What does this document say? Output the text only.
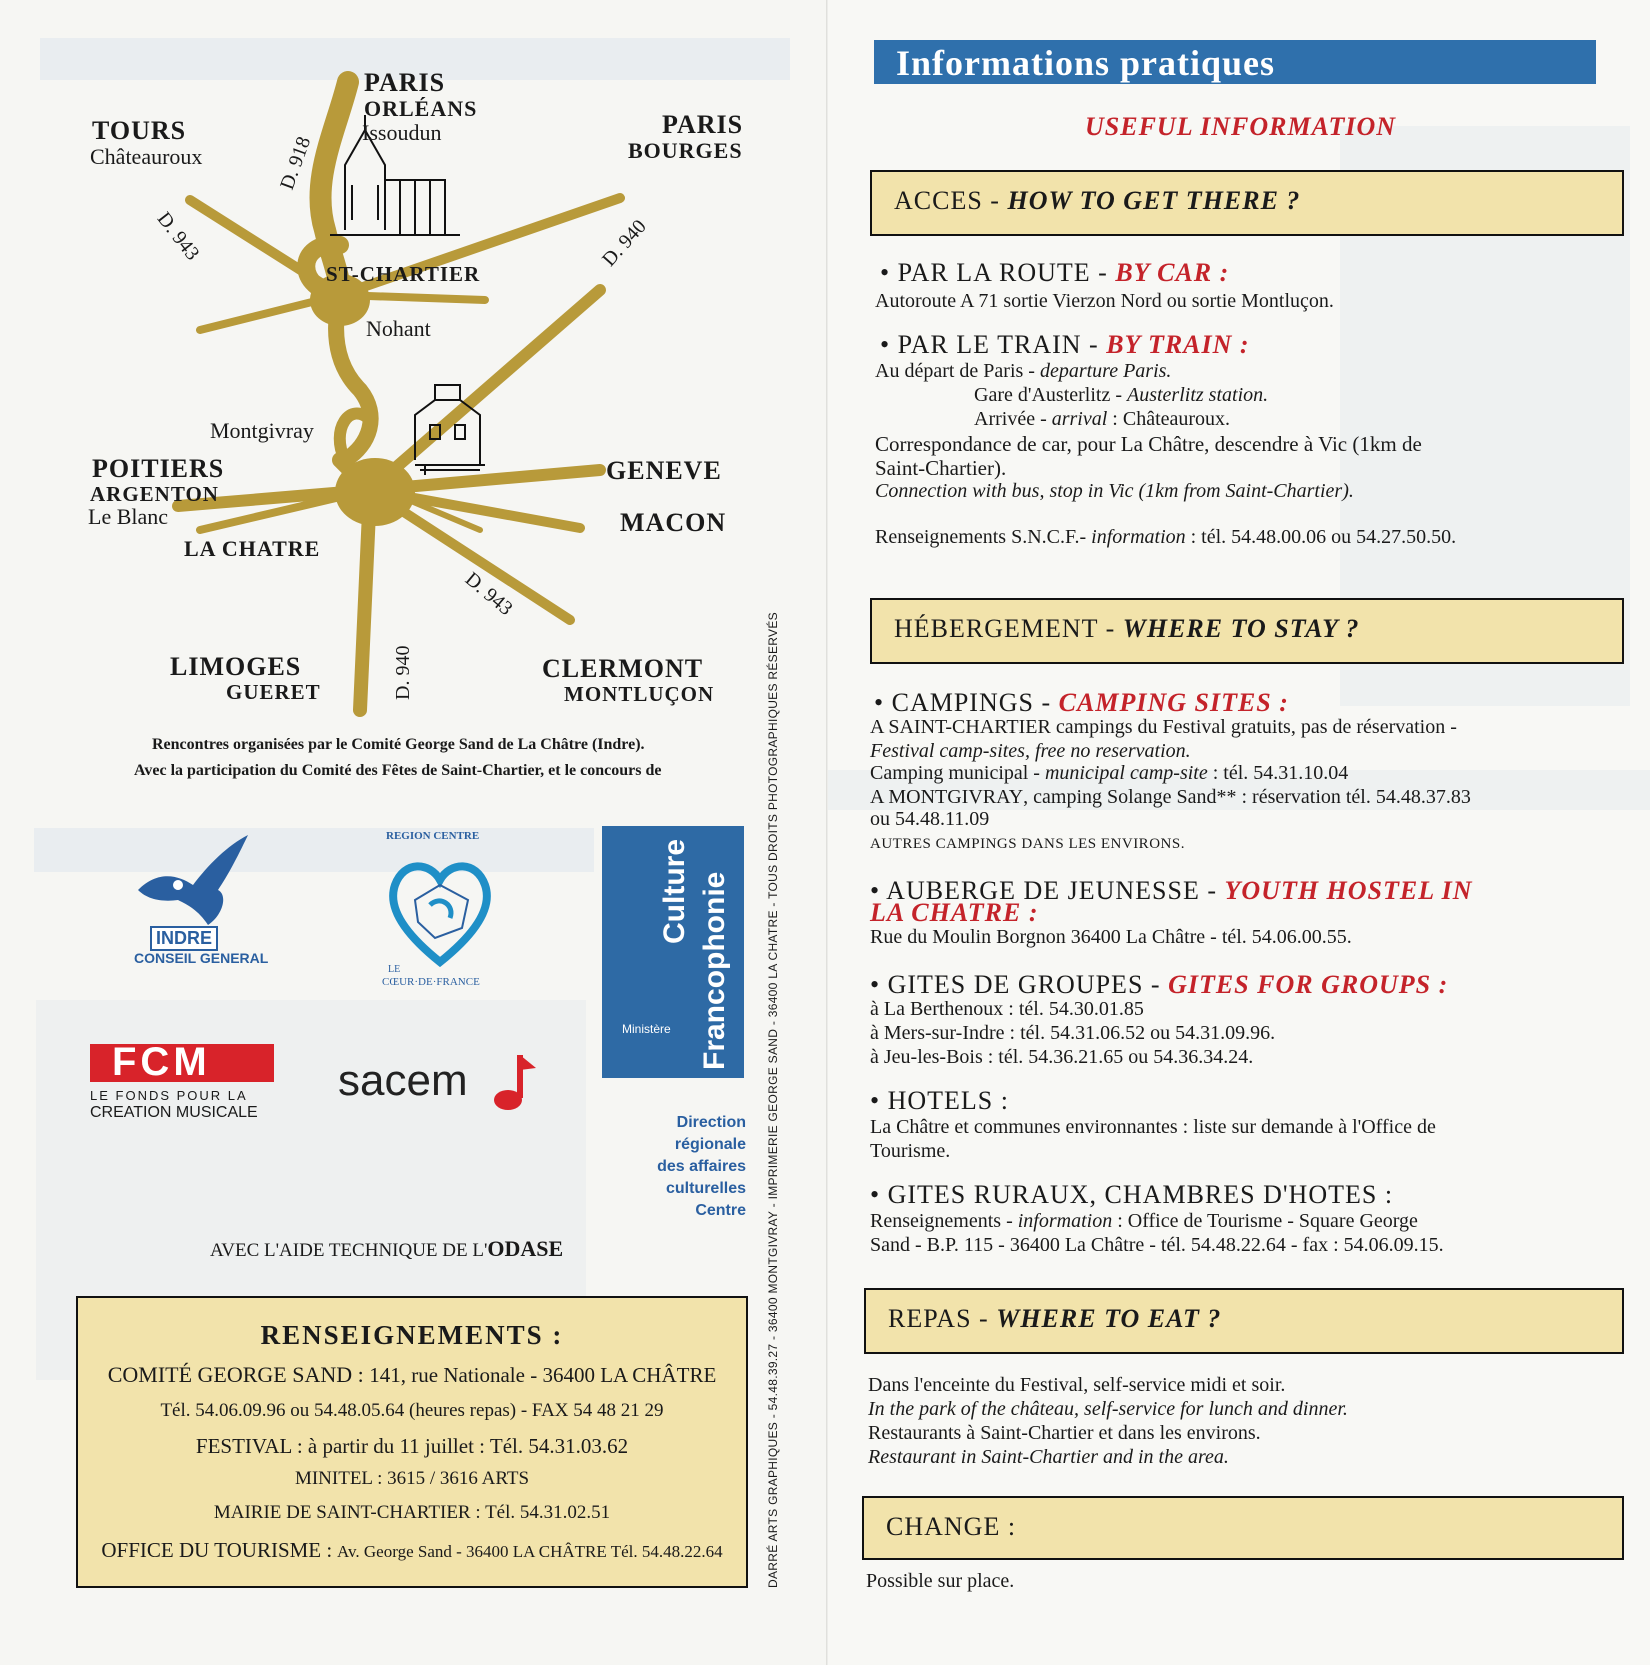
PARIS
ORLÉANS
Issoudun
TOURS
Châteauroux
PARIS
BOURGES
ST-CHARTIER
Nohant
Montgivray
POITIERS
ARGENTON
Le Blanc
GENEVE
MACON
LA CHATRE
LIMOGES
GUERET
CLERMONT
MONTLUÇON
D. 918
D. 943	D. 940
D. 943
D. 940
Rencontres organisées par le Comité George Sand de La Châtre (Indre).
Avec la participation du Comité des Fêtes de Saint-Chartier, et le concours de
INDRE
CONSEIL GENERAL
REGION CENTRE
LE
CŒUR·DE·FRANCE
Culture Francophonie
Ministère
FCM
LE FONDS POUR LA
CREATION MUSICALE
sacem
Direction
régionale
des affaires
culturelles
Centre
AVEC L'AIDE TECHNIQUE DE L'ODASE
RENSEIGNEMENTS :
COMITÉ GEORGE SAND : 141, rue Nationale - 36400 LA CHÂTRE
Tél. 54.06.09.96 ou 54.48.05.64 (heures repas) - FAX 54 48 21 29
FESTIVAL : à partir du 11 juillet : Tél. 54.31.03.62
MINITEL : 3615 / 3616 ARTS
MAIRIE DE SAINT-CHARTIER : Tél. 54.31.02.51
OFFICE DU TOURISME : Av. George Sand - 36400 LA CHÂTRE Tél. 54.48.22.64	DARRÉ ARTS GRAPHIQUES - 54.48.39.27 - 36400 MONTGIVRAY - IMPRIMERIE GEORGE SAND - 36400 LA CHATRE - TOUS DROITS PHOTOGRAPHIQUES RÉSERVÉS
Informations pratiques
USEFUL INFORMATION
ACCES - HOW TO GET THERE ?
• PAR LA ROUTE - BY CAR :
Autoroute A 71 sortie Vierzon Nord ou sortie Montluçon.
• PAR LE TRAIN - BY TRAIN :
Au départ de Paris - departure Paris.
Gare d'Austerlitz - Austerlitz station.
Arrivée - arrival : Châteauroux.
Correspondance de car, pour La Châtre, descendre à Vic (1km de
Saint-Chartier).
Connection with bus, stop in Vic (1km from Saint-Chartier).
Renseignements S.N.C.F.- information : tél. 54.48.00.06 ou 54.27.50.50.
HÉBERGEMENT - WHERE TO STAY ?
• CAMPINGS - CAMPING SITES :
A SAINT-CHARTIER campings du Festival gratuits, pas de réservation -
Festival camp-sites, free no reservation.
Camping municipal - municipal camp-site : tél. 54.31.10.04
A MONTGIVRAY, camping Solange Sand** : réservation tél. 54.48.37.83
ou 54.48.11.09
AUTRES CAMPINGS DANS LES ENVIRONS.
• AUBERGE DE JEUNESSE - YOUTH HOSTEL IN
LA CHATRE :
Rue du Moulin Borgnon 36400 La Châtre - tél. 54.06.00.55.
• GITES DE GROUPES - GITES FOR GROUPS :
à La Berthenoux : tél. 54.30.01.85
à Mers-sur-Indre : tél. 54.31.06.52 ou 54.31.09.96.
à Jeu-les-Bois : tél. 54.36.21.65 ou 54.36.34.24.
• HOTELS :
La Châtre et communes environnantes : liste sur demande à l'Office de
Tourisme.
• GITES RURAUX, CHAMBRES D'HOTES :
Renseignements - information : Office de Tourisme - Square George
Sand - B.P. 115 - 36400 La Châtre - tél. 54.48.22.64 - fax : 54.06.09.15.
REPAS - WHERE TO EAT ?
Dans l'enceinte du Festival, self-service midi et soir.
In the park of the château, self-service for lunch and dinner.
Restaurants à Saint-Chartier et dans les environs.
Restaurant in Saint-Chartier and in the area.
CHANGE :
Possible sur place.
